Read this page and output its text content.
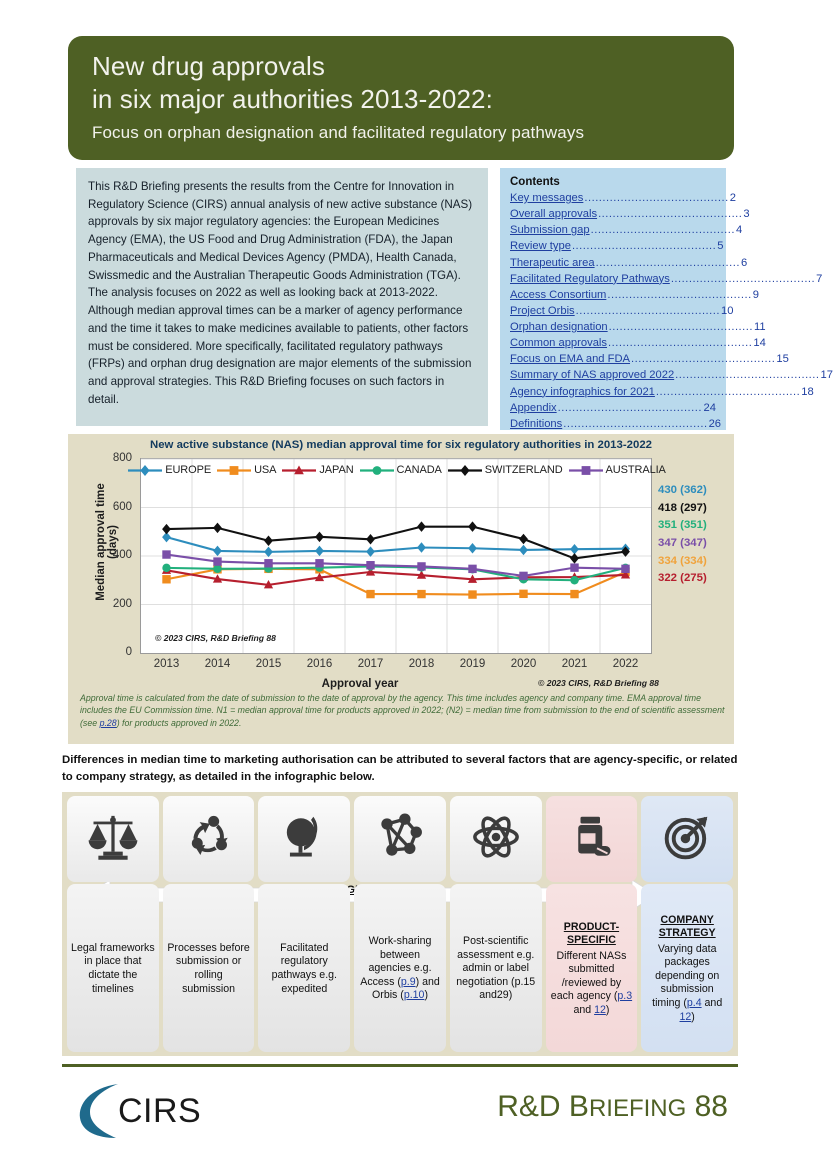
New drug approvals
in six major authorities 2013-2022:
Focus on orphan designation and facilitated regulatory pathways
This R&D Briefing presents the results from the Centre for Innovation in Regulatory Science (CIRS) annual analysis of new active substance (NAS) approvals by six major regulatory agencies: the European Medicines Agency (EMA), the US Food and Drug Administration (FDA), the Japan Pharmaceuticals and Medical Devices Agency (PMDA), Health Canada, Swissmedic and the Australian Therapeutic Goods Administration (TGA). The analysis focuses on 2022 as well as looking back at 2013-2022. Although median approval times can be a marker of agency performance and the time it takes to make medicines available to patients, other factors must be considered. More specifically, facilitated regulatory pathways (FRPs) and orphan drug designation are major elements of the submission and approval strategies. This R&D Briefing focuses on such factors in detail.
Contents
Key messages ........................................ 2
Overall approvals ........................................ 3
Submission gap ........................................ 4
Review type ........................................ 5
Therapeutic area ........................................ 6
Facilitated Regulatory Pathways ........................................ 7
Access Consortium ........................................ 9
Project Orbis ........................................ 10
Orphan designation ........................................ 11
Common approvals ........................................ 14
Focus on EMA and FDA ........................................ 15
Summary of NAS approved 2022 ........................................ 17
Agency infographics for 2021 ........................................ 18
Appendix ........................................ 24
Definitions ........................................ 26
New active substance (NAS) median approval time for six regulatory authorities in 2013-2022
Median approval time (days)
0
200
400
600
800
© 2023 CIRS, R&D Briefing 88
EUROPE	USA	JAPAN	CANADA	SWITZERLAND	AUSTRALIA
2013 2014 2015 2016 2017 2018 2019 2020 2021 2022
Approval year	© 2023 CIRS, R&D Briefing 88
430 (362)
418 (297)
351 (351)
347 (347)
334 (334)
322 (275)
Approval time is calculated from the date of submission to the date of approval by the agency. This time includes agency and company time. EMA approval time includes the EU Commission time. N1 = median approval time for products approved in 2022; (N2) = median time from submission to the end of scientific assessment (see p.28) for products approved in 2022.
Differences in median time to marketing authorisation can be attributed to several factors that are agency-specific, or related to company strategy, as detailed in the infographic below.
Legal frameworks in place that dictate the timelines
Processes before submission or rolling submission
Facilitated regulatory pathways e.g. expedited
Work-sharing between agencies e.g. Access (p.9) and Orbis (p.10)
Post-scientific assessment e.g. admin or label negotiation (p.15 and29)
PRODUCT-SPECIFIC
Different NASs submitted /reviewed by each agency (p.3 and 12)
COMPANY STRATEGY
Varying data packages depending on submission timing (p.4 and 12)
CIRS	R&D BRIEFING 88
